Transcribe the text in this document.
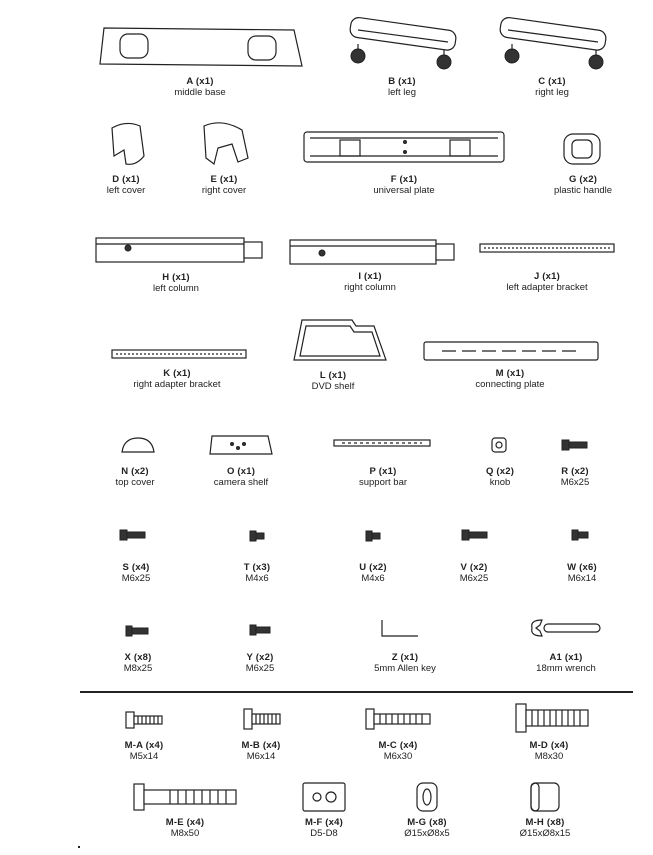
A (x1)
middle base
B (x1)
left leg
C (x1)
right leg
D (x1)
left cover
E (x1)
right cover
F (x1)
universal plate
G (x2)
plastic handle
H (x1)
left column
I (x1)
right column
J (x1)
left adapter bracket
K (x1)
right adapter bracket
L (x1)
DVD shelf
M (x1)
connecting plate
N (x2)
top cover
O (x1)
camera shelf
P (x1)
support bar
Q (x2)
knob
R (x2)
M6x25
S (x4)
M6x25
T (x3)
M4x6
U (x2)
M4x6
V (x2)
M6x25
W (x6)
M6x14
X (x8)
M8x25
Y (x2)
M6x25
Z (x1)
5mm Allen key
A1 (x1)
18mm wrench
M-A (x4)
M5x14
M-B (x4)
M6x14
M-C (x4)
M6x30
M-D (x4)
M8x30
M-E (x4)
M8x50
M-F (x4)
D5-D8
M-G (x8)
Ø15xØ8x5
M-H (x8)
Ø15xØ8x15
